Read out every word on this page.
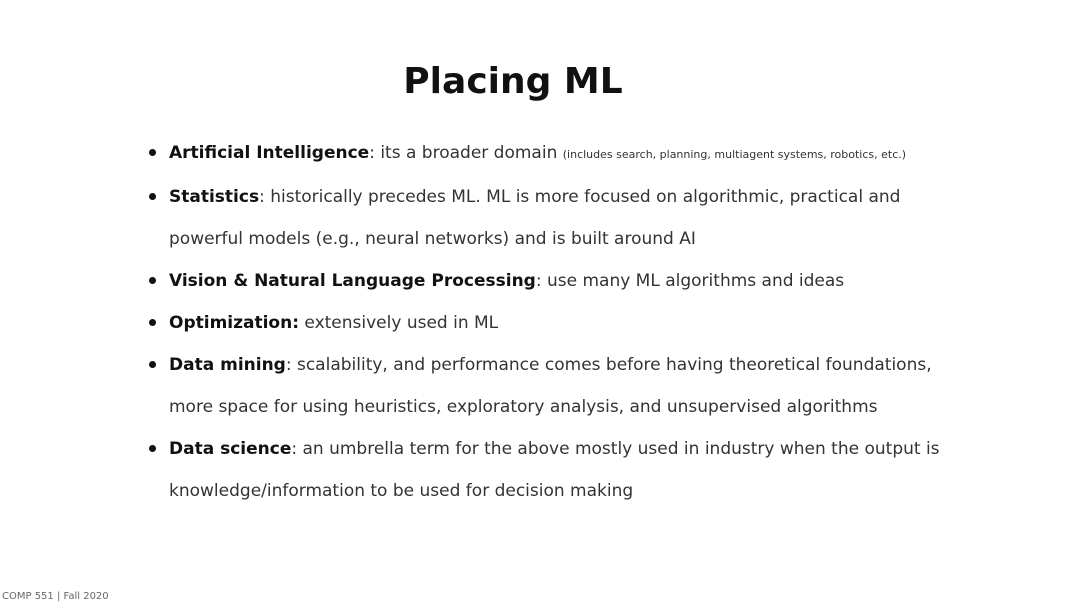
Placing ML
Artificial Intelligence: its a broader domain (includes search, planning, multiagent systems, robotics, etc.)
Statistics: historically precedes ML. ML is more focused on algorithmic, practical and powerful models (e.g., neural networks) and is built around AI
Vision & Natural Language Processing: use many ML algorithms and ideas
Optimization: extensively used in ML
Data mining: scalability, and performance comes before having theoretical foundations, more space for using heuristics, exploratory analysis, and unsupervised algorithms
Data science: an umbrella term for the above mostly used in industry when the output is knowledge/information to be used for decision making
COMP 551 | Fall 2020
